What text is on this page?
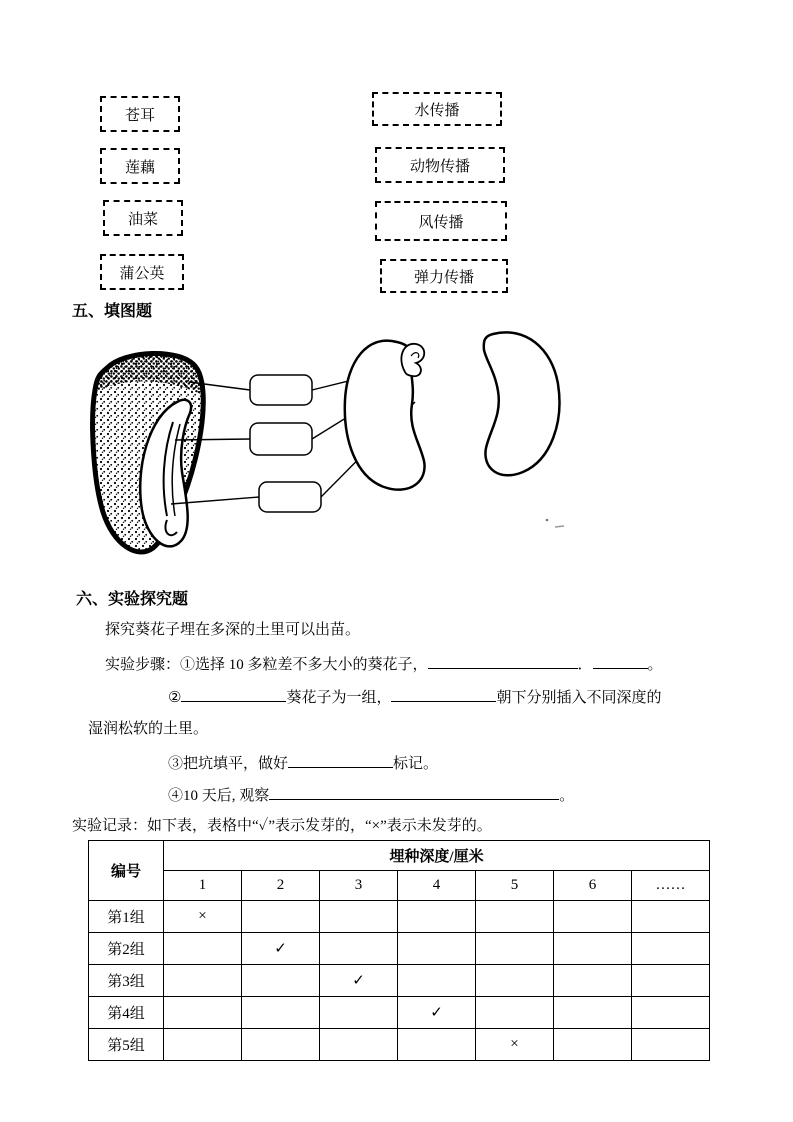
苍耳
莲藕
油菜
蒲公英
水传播
动物传播
风传播
弹力传播
五、填图题
六、实验探究题
探究葵花子埋在多深的土里可以出苗。
实验步骤：①选择 10 多粒差不多大小的葵花子，	．	。
②	葵花子为一组，	朝下分别插入不同深度的
湿润松软的土里。
③把坑填平，做好	标记。
④10 天后, 观察	。
实验记录：如下表，表格中“✓”表示发芽的，“×”表示未发芽的。
编号	埋种深度/厘米						
	1	2	3	4	5	6	……
第1组	×						
第2组		✓					
第3组			✓				
第4组				✓			
第5组					×		
